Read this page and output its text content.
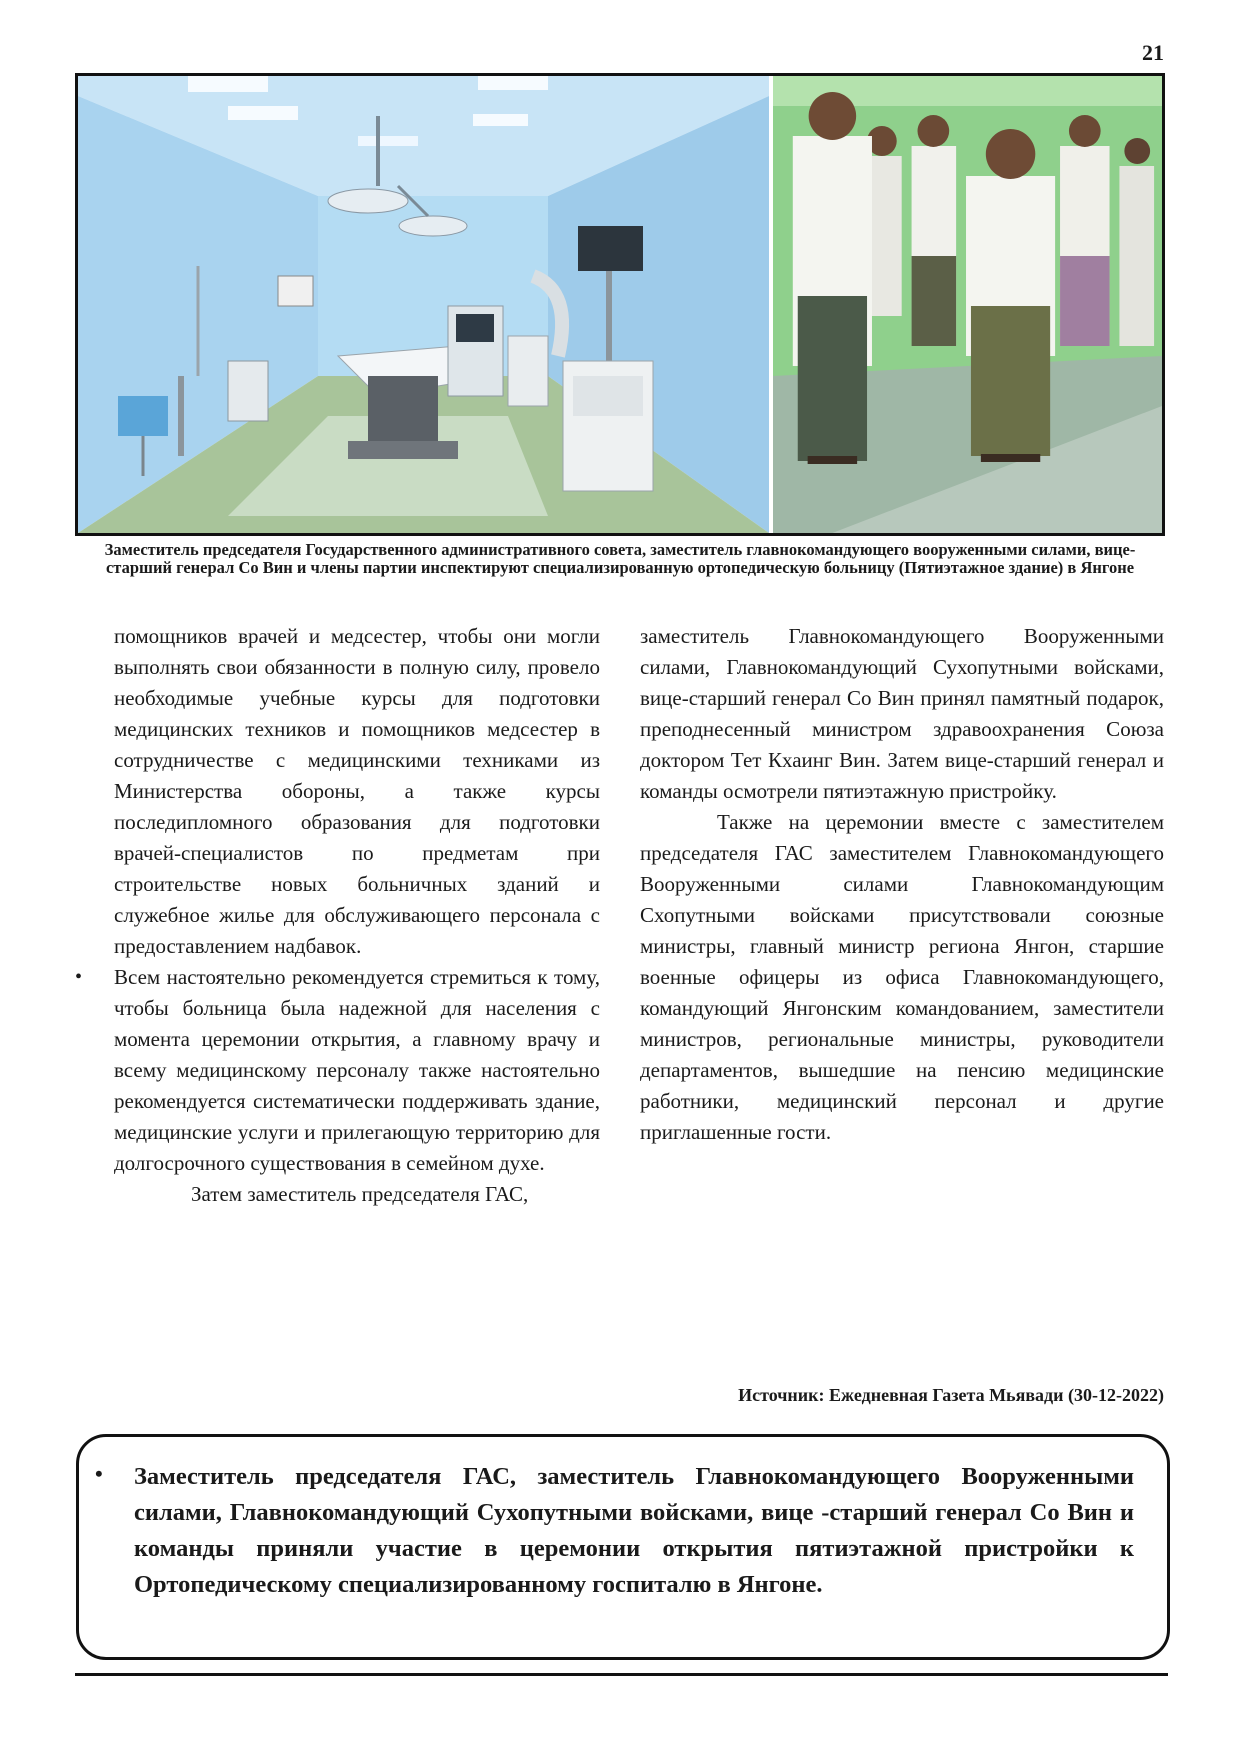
21
Заместитель председателя Государственного административного совета, заместитель главнокомандующего вооруженными силами, вице-старший генерал Со Вин и члены партии инспектируют специализированную ортопедическую больницу (Пятиэтажное здание) в Янгоне

помощников врачей и медсестер, чтобы они могли выполнять свои обязанности в полную силу, провело необходимые учебные курсы для подготовки медицинских техников и помощников медсестер в сотрудничестве с медицинскими техниками из Министерства обороны, а также курсы последипломного образования для подготовки врачей-специалистов по предметам при строительстве новых больничных зданий и служебное жилье для обслуживающего персонала с предоставлением надбавок.

• Всем настоятельно рекомендуется стремиться к тому, чтобы больница была надежной для населения с момента церемонии открытия, а главному врачу и всему медицинскому персоналу также настоятельно рекомендуется систематически поддерживать здание, медицинские услуги и прилегающую территорию для долгосрочного существования в семейном духе.

Затем заместитель председателя ГАС,

заместитель Главнокомандующего Вооруженными силами, Главнокомандующий Сухопутными войсками, вице-старший генерал Со Вин принял памятный подарок, преподнесенный министром здравоохранения Союза доктором Тет Кхаинг Вин. Затем вице-старший генерал и команды осмотрели пятиэтажную пристройку.

Также на церемонии вместе с заместителем председателя ГАС заместителем Главнокомандующего Вооруженными силами Главнокомандующим Схопутными войсками присутствовали союзные министры, главный министр региона Янгон, старшие военные офицеры из офиса Главнокомандующего, командующий Янгонским командованием, заместители министров, региональные министры, руководители департаментов, вышедшие на пенсию медицинские работники, медицинский персонал и другие приглашенные гости.

Источник: Ежедневная Газета Мьявади (30-12-2022)
• Заместитель председателя ГАС, заместитель Главнокомандующего Вооруженными силами, Главнокомандующий Сухопутными войсками, вице -старший генерал Со Вин и команды приняли участие в церемонии открытия пятиэтажной пристройки к Ортопедическому специализированному госпиталю в Янгоне.
